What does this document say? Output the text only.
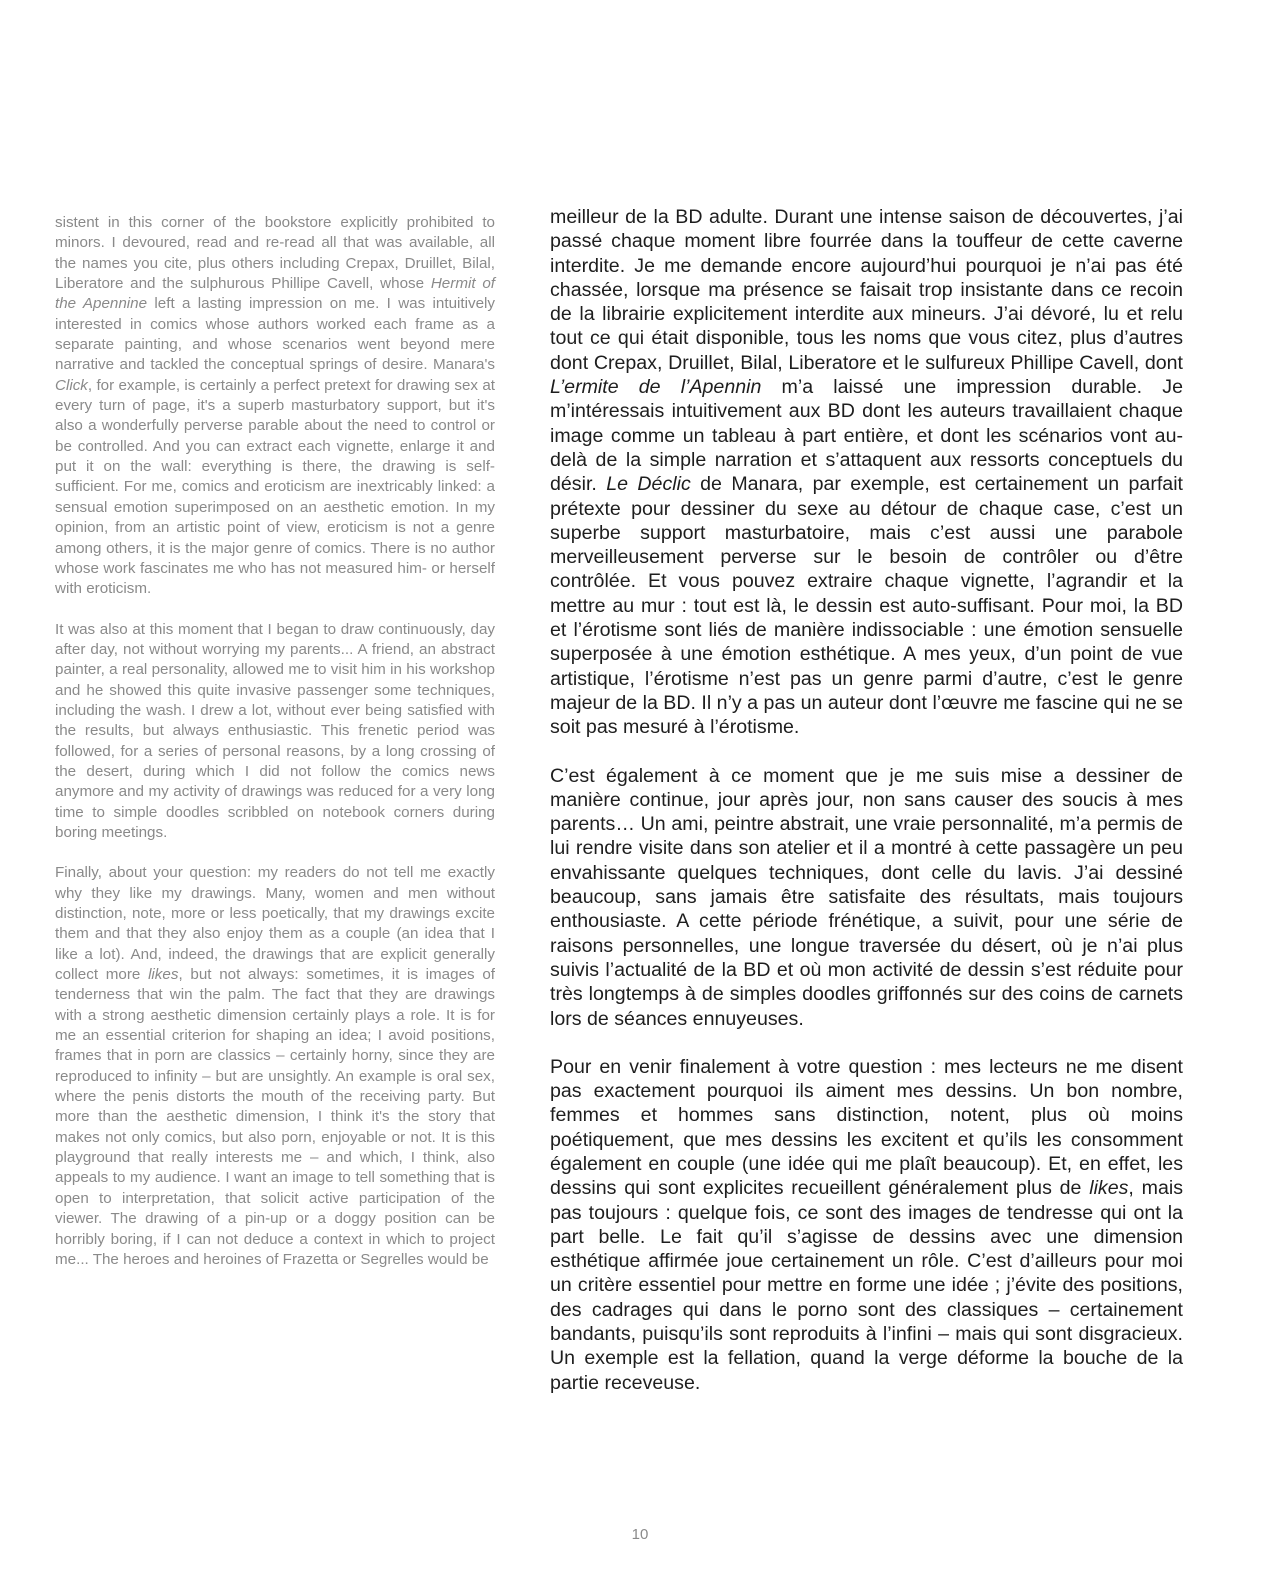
sistent in this corner of the bookstore explicitly prohibited to minors. I devoured, read and re-read all that was available, all the names you cite, plus others including Crepax, Druillet, Bilal, Liberatore and the sulphurous Phillipe Cavell, whose Hermit of the Apennine left a lasting impression on me. I was intuitively interested in comics whose authors worked each frame as a separate painting, and whose scenarios went beyond mere narrative and tackled the conceptual springs of desire. Manara's Click, for example, is certainly a perfect pretext for drawing sex at every turn of page, it's a superb masturbatory support, but it's also a wonderfully perverse parable about the need to control or be controlled. And you can extract each vignette, enlarge it and put it on the wall: everything is there, the drawing is self-sufficient. For me, comics and eroticism are inextricably linked: a sensual emotion superimposed on an aesthetic emotion. In my opinion, from an artistic point of view, eroticism is not a genre among others, it is the major genre of comics. There is no author whose work fascinates me who has not measured him- or herself with eroticism.

It was also at this moment that I began to draw continuously, day after day, not without worrying my parents... A friend, an abstract painter, a real personality, allowed me to visit him in his workshop and he showed this quite invasive passenger some techniques, including the wash. I drew a lot, without ever being satisfied with the results, but always enthusiastic. This frenetic period was followed, for a series of personal reasons, by a long crossing of the desert, during which I did not follow the comics news anymore and my activity of drawings was reduced for a very long time to simple doodles scribbled on notebook corners during boring meetings.

Finally, about your question: my readers do not tell me exactly why they like my drawings. Many, women and men without distinction, note, more or less poetically, that my drawings excite them and that they also enjoy them as a couple (an idea that I like a lot). And, indeed, the drawings that are explicit generally collect more likes, but not always: sometimes, it is images of tenderness that win the palm. The fact that they are drawings with a strong aesthetic dimension certainly plays a role. It is for me an essential criterion for shaping an idea; I avoid positions, frames that in porn are classics – certainly horny, since they are reproduced to infinity – but are unsightly. An example is oral sex, where the penis distorts the mouth of the receiving party. But more than the aesthetic dimension, I think it's the story that makes not only comics, but also porn, enjoyable or not. It is this playground that really interests me – and which, I think, also appeals to my audience. I want an image to tell something that is open to interpretation, that solicit active participation of the viewer. The drawing of a pin-up or a doggy position can be horribly boring, if I can not deduce a context in which to project me... The heroes and heroines of Frazetta or Segrelles would be

meilleur de la BD adulte. Durant une intense saison de découvertes, j’ai passé chaque moment libre fourrée dans la touffeur de cette caverne interdite. Je me demande encore aujourd’hui pourquoi je n’ai pas été chassée, lorsque ma présence se faisait trop insistante dans ce recoin de la librairie explicitement interdite aux mineurs. J’ai dévoré, lu et relu tout ce qui était disponible, tous les noms que vous citez, plus d’autres dont Crepax, Druillet, Bilal, Liberatore et le sulfureux Phillipe Cavell, dont L’ermite de l’Apennin m’a laissé une impression durable. Je m’intéressais intuitivement aux BD dont les auteurs travaillaient chaque image comme un tableau à part entière, et dont les scénarios vont au-delà de la simple narration et s’attaquent aux ressorts conceptuels du désir. Le Déclic de Manara, par exemple, est certainement un parfait prétexte pour dessiner du sexe au détour de chaque case, c’est un superbe support masturbatoire, mais c’est aussi une parabole merveilleusement perverse sur le besoin de contrôler ou d’être contrôlée. Et vous pouvez extraire chaque vignette, l’agrandir et la mettre au mur : tout est là, le dessin est auto-suffisant. Pour moi, la BD et l’érotisme sont liés de manière indissociable : une émotion sensuelle superposée à une émotion esthétique. A mes yeux, d’un point de vue artistique, l’érotisme n’est pas un genre parmi d’autre, c’est le genre majeur de la BD. Il n’y a pas un auteur dont l’œuvre me fascine qui ne se soit pas mesuré à l’érotisme.

C’est également à ce moment que je me suis mise a dessiner de manière continue, jour après jour, non sans causer des soucis à mes parents… Un ami, peintre abstrait, une vraie personnalité, m’a permis de lui rendre visite dans son atelier et il a montré à cette passagère un peu envahissante quelques techniques, dont celle du lavis. J’ai dessiné beaucoup, sans jamais être satisfaite des résultats, mais toujours enthousiaste. A cette période frénétique, a suivit, pour une série de raisons personnelles, une longue traversée du désert, où je n’ai plus suivis l’actualité de la BD et où mon activité de dessin s’est réduite pour très longtemps à de simples doodles griffonnés sur des coins de carnets lors de séances ennuyeuses.

Pour en venir finalement à votre question : mes lecteurs ne me disent pas exactement pourquoi ils aiment mes dessins. Un bon nombre, femmes et hommes sans distinction, notent, plus où moins poétiquement, que mes dessins les excitent et qu’ils les consomment également en couple (une idée qui me plaît beaucoup). Et, en effet, les dessins qui sont explicites recueillent généralement plus de likes, mais pas toujours : quelque fois, ce sont des images de tendresse qui ont la part belle. Le fait qu’il s’agisse de dessins avec une dimension esthétique affirmée joue certainement un rôle. C’est d’ailleurs pour moi un critère essentiel pour mettre en forme une idée ; j’évite des positions, des cadrages qui dans le porno sont des classiques – certainement bandants, puisqu’ils sont reproduits à l’infini – mais qui sont disgracieux. Un exemple est la fellation, quand la verge déforme la bouche de la partie receveuse.

10
